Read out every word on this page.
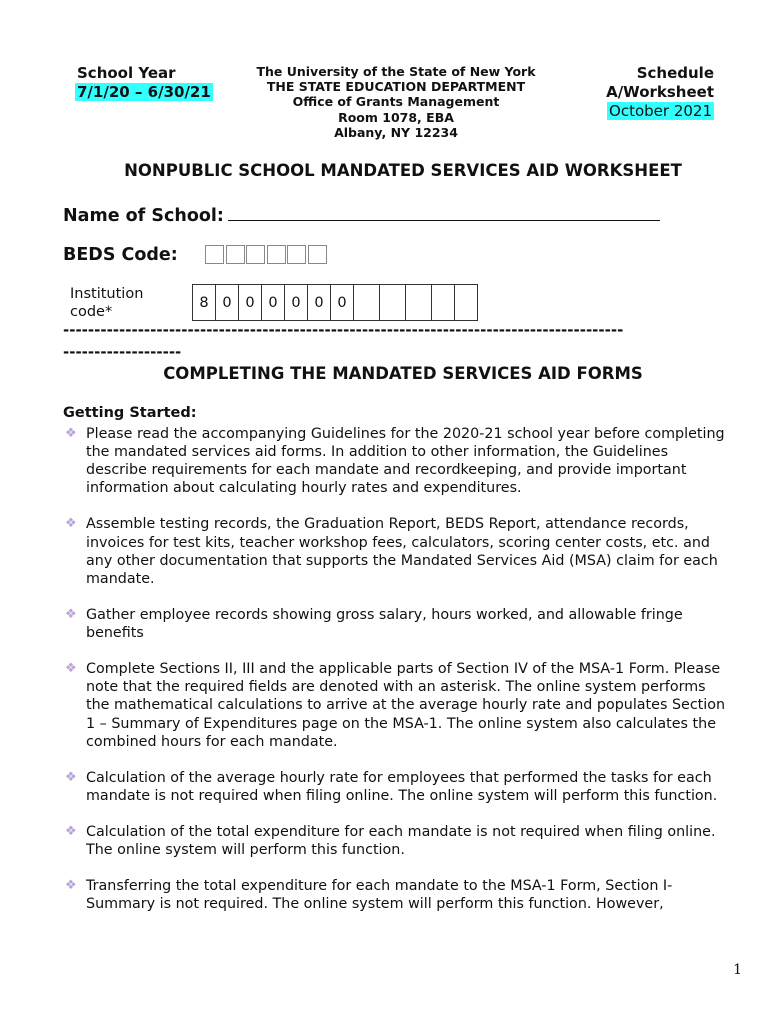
School Year
7/1/20 – 6/30/21
The University of the State of New York
THE STATE EDUCATION DEPARTMENT
Office of Grants Management
Room 1078, EBA
Albany, NY 12234
Schedule
A/Worksheet
October 2021
NONPUBLIC SCHOOL MANDATED SERVICES AID WORKSHEET
Name of School:
BEDS Code:
Institution
code*
8	0	0	0	0	0	0					
------------------------------------------------------------------------------------------
-------------------
COMPLETING THE MANDATED SERVICES AID FORMS
Getting Started:
❖ Please read the accompanying Guidelines for the 2020-21 school year before completing the mandated services aid forms. In addition to other information, the Guidelines describe requirements for each mandate and recordkeeping, and provide important information about calculating hourly rates and expenditures.
❖ Assemble testing records, the Graduation Report, BEDS Report, attendance records, invoices for test kits, teacher workshop fees, calculators, scoring center costs, etc. and any other documentation that supports the Mandated Services Aid (MSA) claim for each mandate.
❖ Gather employee records showing gross salary, hours worked, and allowable fringe benefits
❖ Complete Sections II, III and the applicable parts of Section IV of the MSA-1 Form. Please note that the required fields are denoted with an asterisk. The online system performs the mathematical calculations to arrive at the average hourly rate and populates Section 1 – Summary of Expenditures page on the MSA-1. The online system also calculates the combined hours for each mandate.
❖ Calculation of the average hourly rate for employees that performed the tasks for each mandate is not required when filing online. The online system will perform this function.
❖ Calculation of the total expenditure for each mandate is not required when filing online. The online system will perform this function.
❖ Transferring the total expenditure for each mandate to the MSA-1 Form, Section I-Summary is not required. The online system will perform this function. However,
1
